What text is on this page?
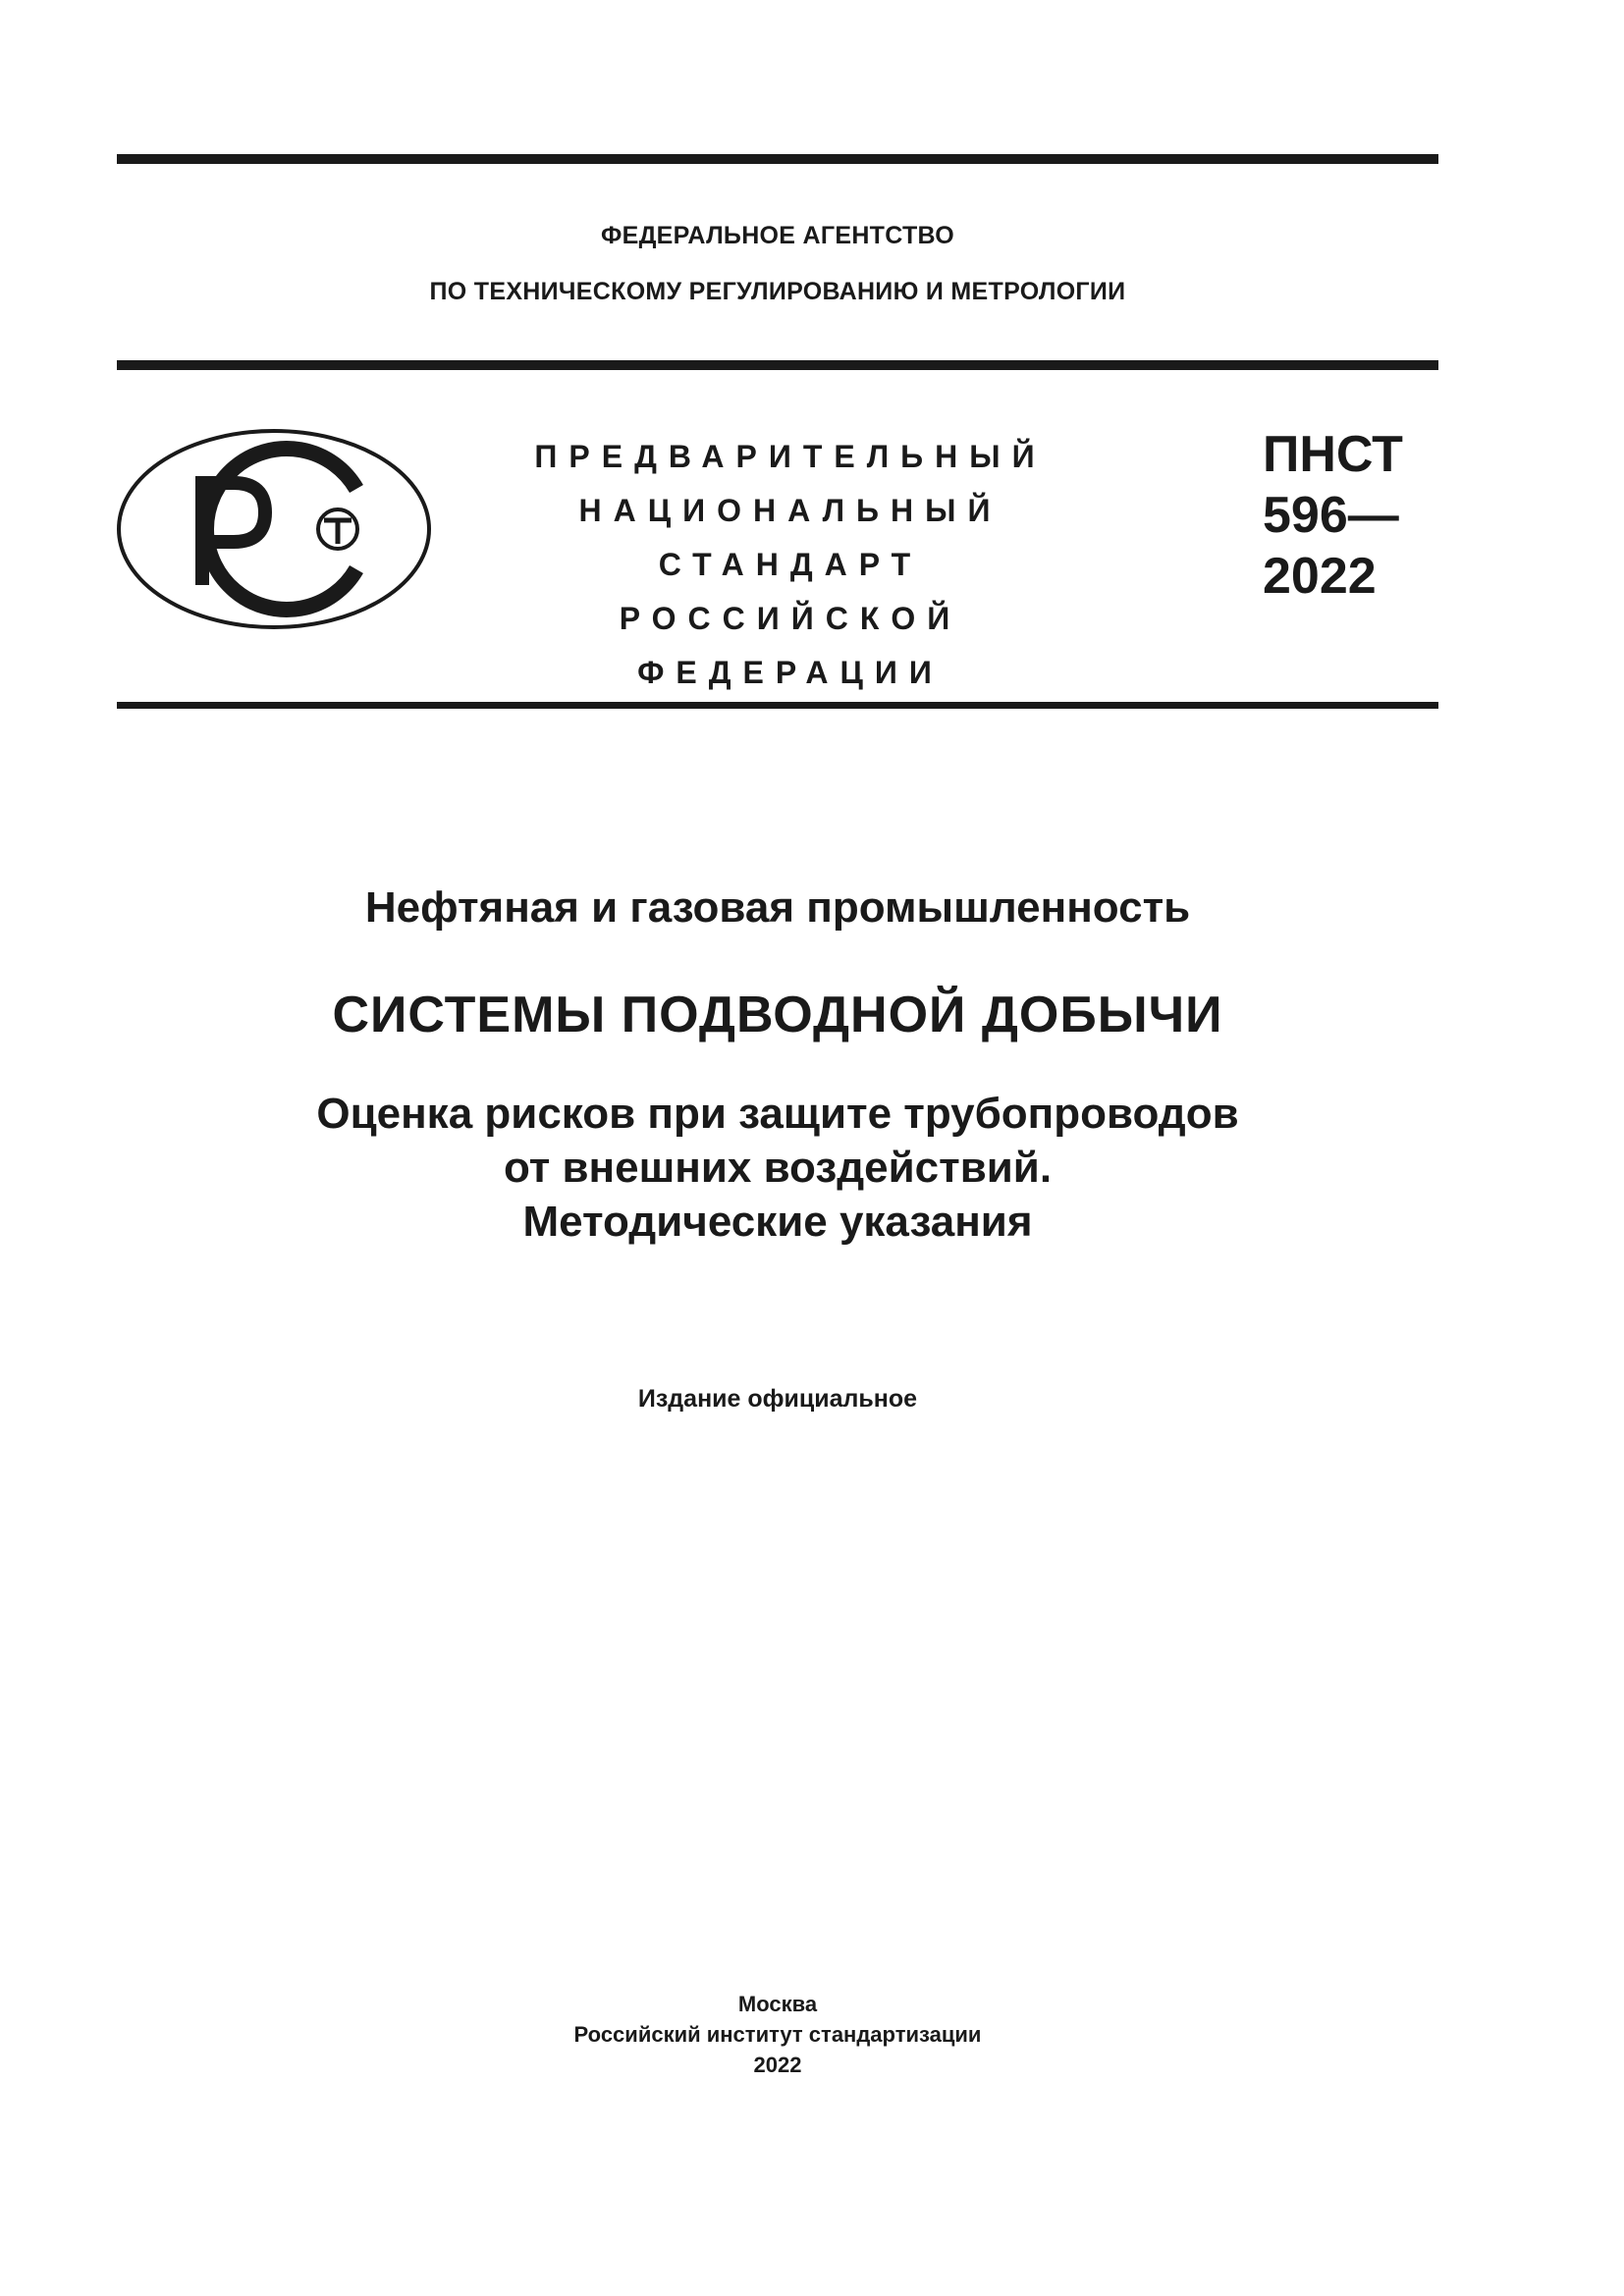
ФЕДЕРАЛЬНОЕ АГЕНТСТВО
ПО ТЕХНИЧЕСКОМУ РЕГУЛИРОВАНИЮ И МЕТРОЛОГИИ
ПРЕДВАРИТЕЛЬНЫЙ
НАЦИОНАЛЬНЫЙ
СТАНДАРТ
РОССИЙСКОЙ
ФЕДЕРАЦИИ
ПНСТ
596—
2022
Нефтяная и газовая промышленность
СИСТЕМЫ ПОДВОДНОЙ ДОБЫЧИ
Оценка рисков при защите трубопроводов
от внешних воздействий.
Методические указания
Издание официальное
Москва
Российский институт стандартизации
2022
